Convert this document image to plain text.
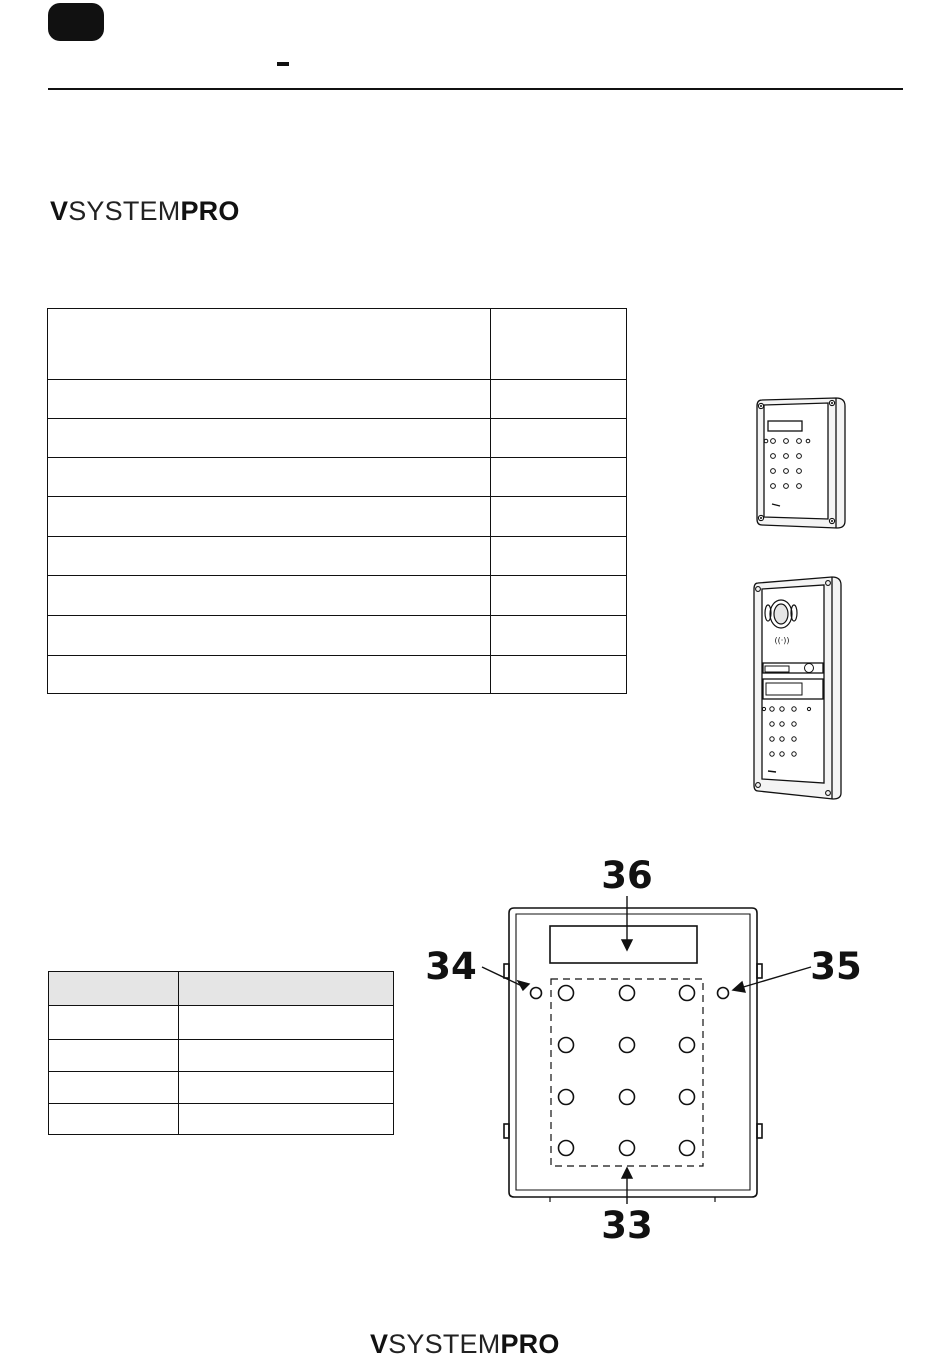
VSYSTEMPRO

((·))

36
34	35
33
VSYSTEMPRO
